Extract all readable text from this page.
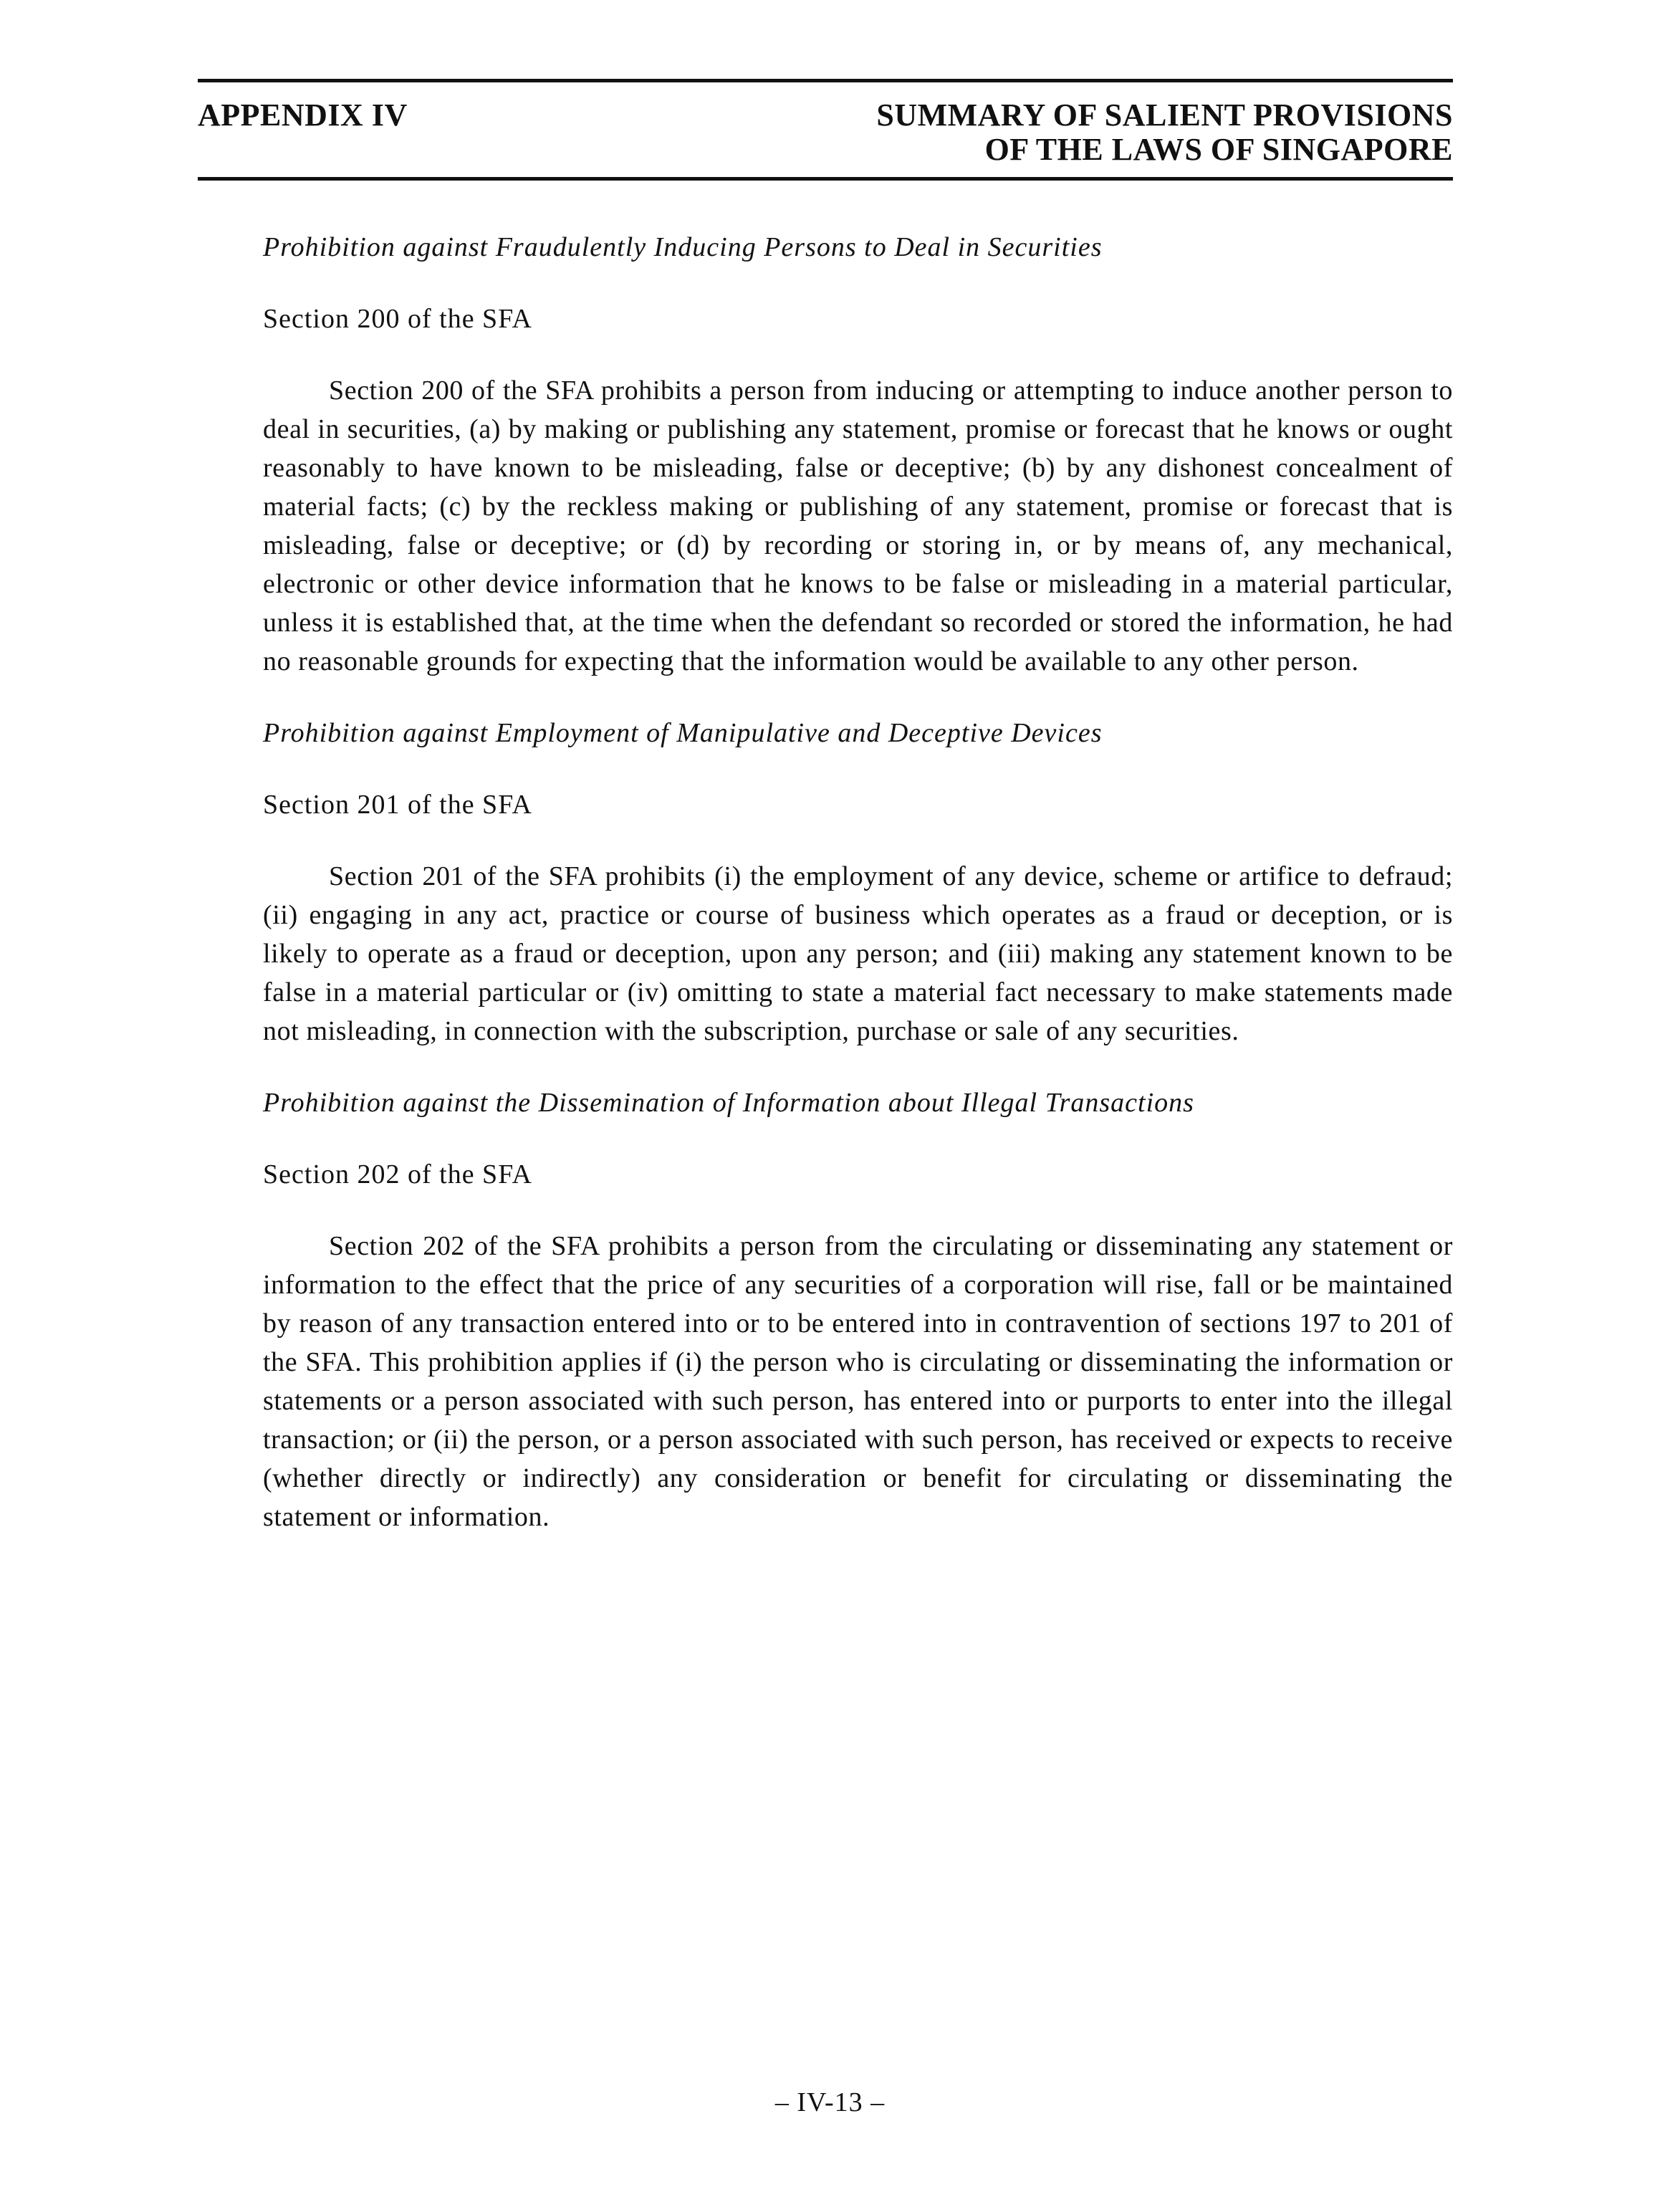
APPENDIX IV	SUMMARY OF SALIENT PROVISIONS
OF THE LAWS OF SINGAPORE

Prohibition against Fraudulently Inducing Persons to Deal in Securities

Section 200 of the SFA

Section 200 of the SFA prohibits a person from inducing or attempting to induce another person to deal in securities, (a) by making or publishing any statement, promise or forecast that he knows or ought reasonably to have known to be misleading, false or deceptive; (b) by any dishonest concealment of material facts; (c) by the reckless making or publishing of any statement, promise or forecast that is misleading, false or deceptive; or (d) by recording or storing in, or by means of, any mechanical, electronic or other device information that he knows to be false or misleading in a material particular, unless it is established that, at the time when the defendant so recorded or stored the information, he had no reasonable grounds for expecting that the information would be available to any other person.

Prohibition against Employment of Manipulative and Deceptive Devices

Section 201 of the SFA

Section 201 of the SFA prohibits (i) the employment of any device, scheme or artifice to defraud; (ii) engaging in any act, practice or course of business which operates as a fraud or deception, or is likely to operate as a fraud or deception, upon any person; and (iii) making any statement known to be false in a material particular or (iv) omitting to state a material fact necessary to make statements made not misleading, in connection with the subscription, purchase or sale of any securities.

Prohibition against the Dissemination of Information about Illegal Transactions

Section 202 of the SFA

Section 202 of the SFA prohibits a person from the circulating or disseminating any statement or information to the effect that the price of any securities of a corporation will rise, fall or be maintained by reason of any transaction entered into or to be entered into in contravention of sections 197 to 201 of the SFA. This prohibition applies if (i) the person who is circulating or disseminating the information or statements or a person associated with such person, has entered into or purports to enter into the illegal transaction; or (ii) the person, or a person associated with such person, has received or expects to receive (whether directly or indirectly) any consideration or benefit for circulating or disseminating the statement or information.

– IV-13 –
